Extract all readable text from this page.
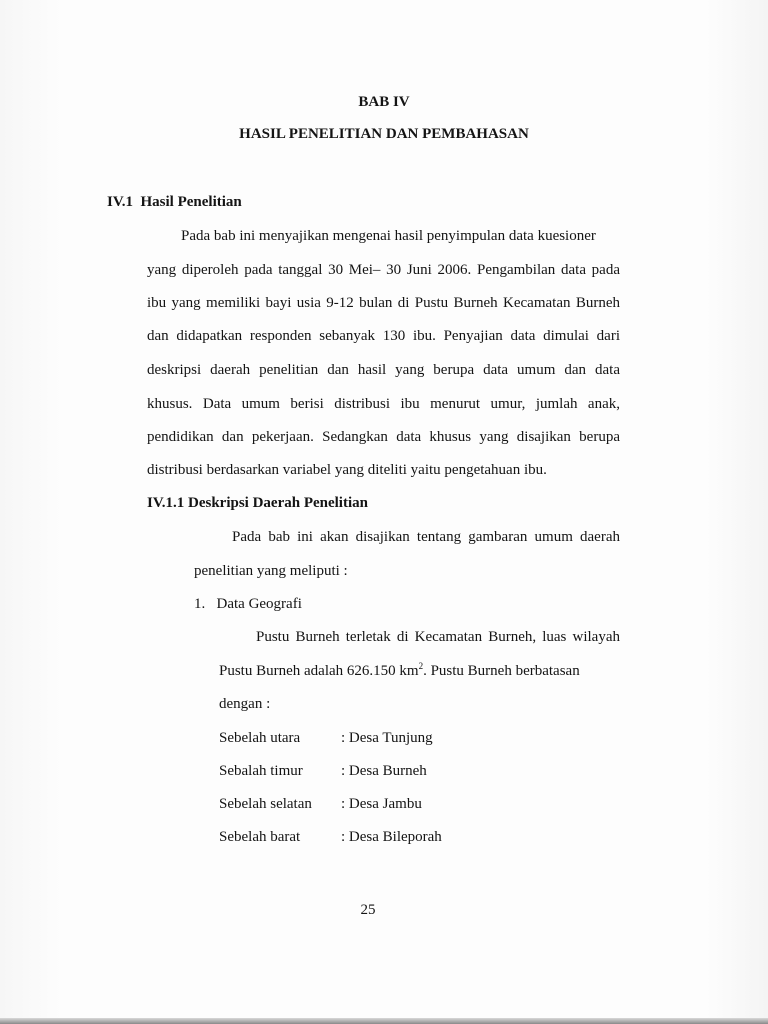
BAB IV
HASIL PENELITIAN DAN PEMBAHASAN
IV.1 Hasil Penelitian
Pada bab ini menyajikan mengenai hasil penyimpulan data kuesioner
yang diperoleh pada tanggal 30 Mei– 30 Juni 2006. Pengambilan data pada
ibu yang memiliki bayi usia 9-12 bulan di Pustu Burneh Kecamatan Burneh
dan didapatkan responden sebanyak 130 ibu. Penyajian data dimulai dari
deskripsi daerah penelitian dan hasil yang berupa data umum dan data
khusus. Data umum berisi distribusi ibu menurut umur, jumlah anak,
pendidikan dan pekerjaan. Sedangkan data khusus yang disajikan berupa
distribusi berdasarkan variabel yang diteliti yaitu pengetahuan ibu.
IV.1.1 Deskripsi Daerah Penelitian
Pada bab ini akan disajikan tentang gambaran umum daerah
penelitian yang meliputi :
1. Data Geografi
Pustu Burneh terletak di Kecamatan Burneh, luas wilayah
Pustu Burneh adalah 626.150 $km^2$. Pustu Burneh berbatasan
dengan :
Sebelah utara	: Desa Tunjung
Sebalah timur	: Desa Burneh
Sebelah selatan : Desa Jambu
Sebelah barat	: Desa Bileporah
25
